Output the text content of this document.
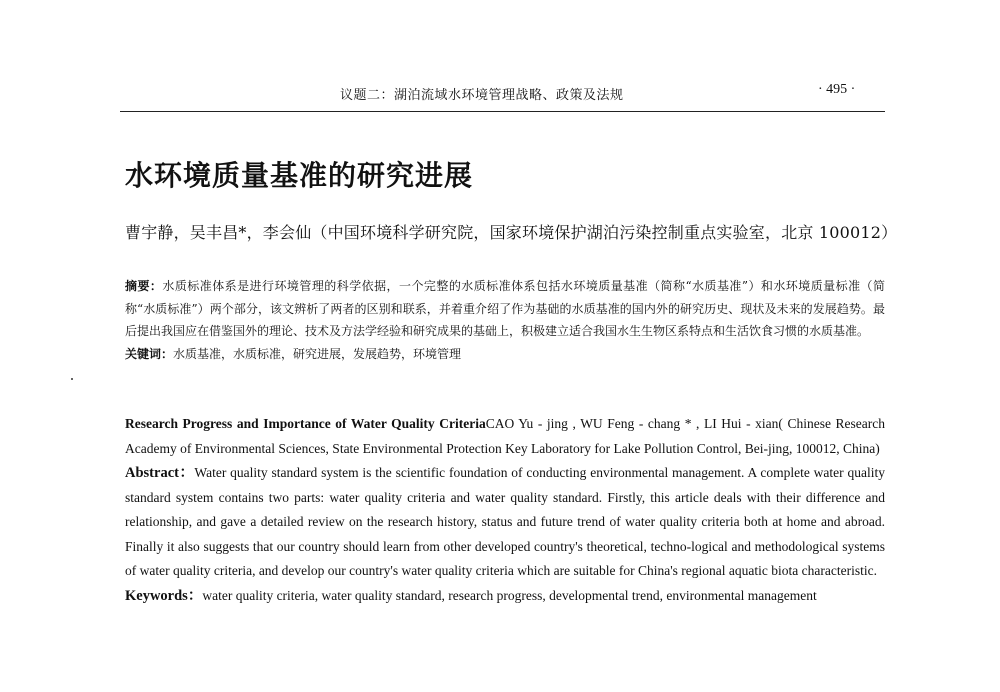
议题二：湖泊流域水环境管理战略、政策及法规	· 495 ·
水环境质量基准的研究进展
曹宇静，吴丰昌*，李会仙（中国环境科学研究院，国家环境保护湖泊污染控制重点实验室，北京 100012）

摘要：水质标准体系是进行环境管理的科学依据，一个完整的水质标准体系包括水环境质量基准（简称“水质基准”）和水环境质量标准（简称“水质标准”）两个部分，该文辨析了两者的区别和联系，并着重介绍了作为基础的水质基准的国内外的研究历史、现状及未来的发展趋势。最后提出我国应在借鉴国外的理论、技术及方法学经验和研究成果的基础上，积极建立适合我国水生生物区系特点和生活饮食习惯的水质基准。

关键词：水质基准，水质标准，研究进展，发展趋势，环境管理

Research Progress and Importance of Water Quality CriteriaCAO Yu - jing , WU Feng - chang * , LI Hui - xian( Chinese Research Academy of Environmental Sciences, State Environmental Protection Key Laboratory for Lake Pollution Control, Bei-jing, 100012, China)

Abstract：Water quality standard system is the scientific foundation of conducting environmental management. A complete water quality standard system contains two parts: water quality criteria and water quality standard. Firstly, this article deals with their difference and relationship, and gave a detailed review on the research history, status and future trend of water quality criteria both at home and abroad. Finally it also suggests that our country should learn from other developed country's theoretical, techno-logical and methodological systems of water quality criteria, and develop our country's water quality criteria which are suitable for China's regional aquatic biota characteristic.

Keywords：water quality criteria, water quality standard, research progress, developmental trend, environmental management
